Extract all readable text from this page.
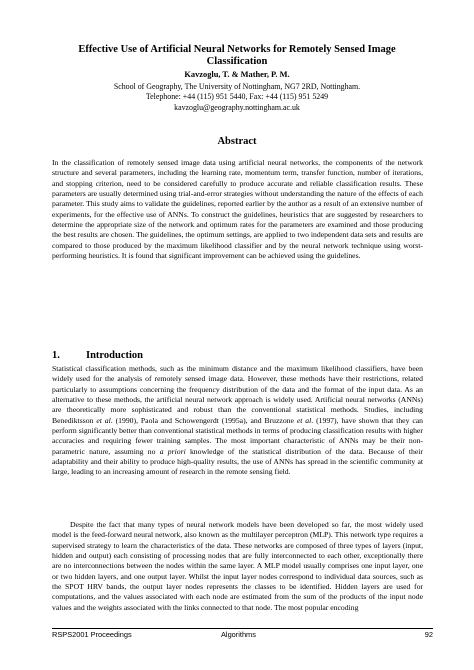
Effective Use of Artificial Neural Networks for Remotely Sensed Image
Classification
Kavzoglu, T. & Mather, P. M.
School of Geography, The University of Nottingham, NG7 2RD, Nottingham.
Telephone: +44 (115) 951 5440, Fax: +44 (115) 951 5249
kavzoglu@geography.nottingham.ac.uk
Abstract

In the classification of remotely sensed image data using artificial neural networks, the components of the network structure and several parameters, including the learning rate, momentum term, transfer function, number of iterations, and stopping criterion, need to be considered carefully to produce accurate and reliable classification results. These parameters are usually determined using trial-and-error strategies without understanding the nature of the effects of each parameter. This study aims to validate the guidelines, reported earlier by the author as a result of an extensive number of experiments, for the effective use of ANNs. To construct the guidelines, heuristics that are suggested by researchers to determine the appropriate size of the network and optimum rates for the parameters are examined and those producing the best results are chosen. The guidelines, the optimum settings, are applied to two independent data sets and results are compared to those produced by the maximum likelihood classifier and by the neural network technique using worst-performing heuristics. It is found that significant improvement can be achieved using the guidelines.

1. Introduction

Statistical classification methods, such as the minimum distance and the maximum likelihood classifiers, have been widely used for the analysis of remotely sensed image data. However, these methods have their restrictions, related particularly to assumptions concerning the frequency distribution of the data and the format of the input data. As an alternative to these methods, the artificial neural network approach is widely used. Artificial neural networks (ANNs) are theoretically more sophisticated and robust than the conventional statistical methods. Studies, including Benediktsson et al. (1990), Paola and Schowengerdt (1995a), and Bruzzone et al. (1997), have shown that they can perform significantly better than conventional statistical methods in terms of producing classification results with higher accuracies and requiring fewer training samples. The most important characteristic of ANNs may be their non-parametric nature, assuming no a priori knowledge of the statistical distribution of the data. Because of their adaptability and their ability to produce high-quality results, the use of ANNs has spread in the scientific community at large, leading to an increasing amount of research in the remote sensing field.

Despite the fact that many types of neural network models have been developed so far, the most widely used model is the feed-forward neural network, also known as the multilayer perceptron (MLP). This network type requires a supervised strategy to learn the characteristics of the data. These networks are composed of three types of layers (input, hidden and output) each consisting of processing nodes that are fully interconnected to each other, exceptionally there are no interconnections between the nodes within the same layer. A MLP model usually comprises one input layer, one or two hidden layers, and one output layer. Whilst the input layer nodes correspond to individual data sources, such as the SPOT HRV bands, the output layer nodes represents the classes to be identified. Hidden layers are used for computations, and the values associated with each node are estimated from the sum of the products of the input node values and the weights associated with the links connected to that node. The most popular encoding

RSPS2001 Proceedings	Algorithms	92
